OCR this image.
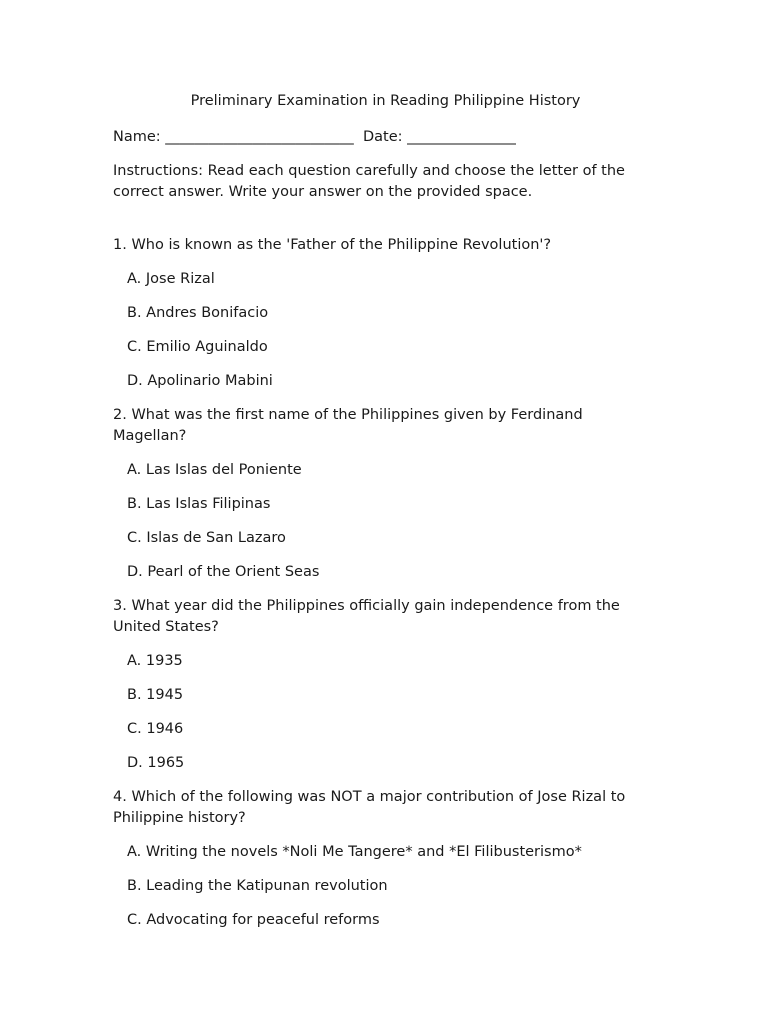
Preliminary Examination in Reading Philippine History
Name: __________________________  Date: _______________
Instructions: Read each question carefully and choose the letter of the correct answer. Write your answer on the provided space.
1. Who is known as the 'Father of the Philippine Revolution'?
A. Jose Rizal
B. Andres Bonifacio
C. Emilio Aguinaldo
D. Apolinario Mabini
2. What was the first name of the Philippines given by Ferdinand Magellan?
A. Las Islas del Poniente
B. Las Islas Filipinas
C. Islas de San Lazaro
D. Pearl of the Orient Seas
3. What year did the Philippines officially gain independence from the United States?
A. 1935
B. 1945
C. 1946
D. 1965
4. Which of the following was NOT a major contribution of Jose Rizal to Philippine history?
A. Writing the novels *Noli Me Tangere* and *El Filibusterismo*
B. Leading the Katipunan revolution
C. Advocating for peaceful reforms
